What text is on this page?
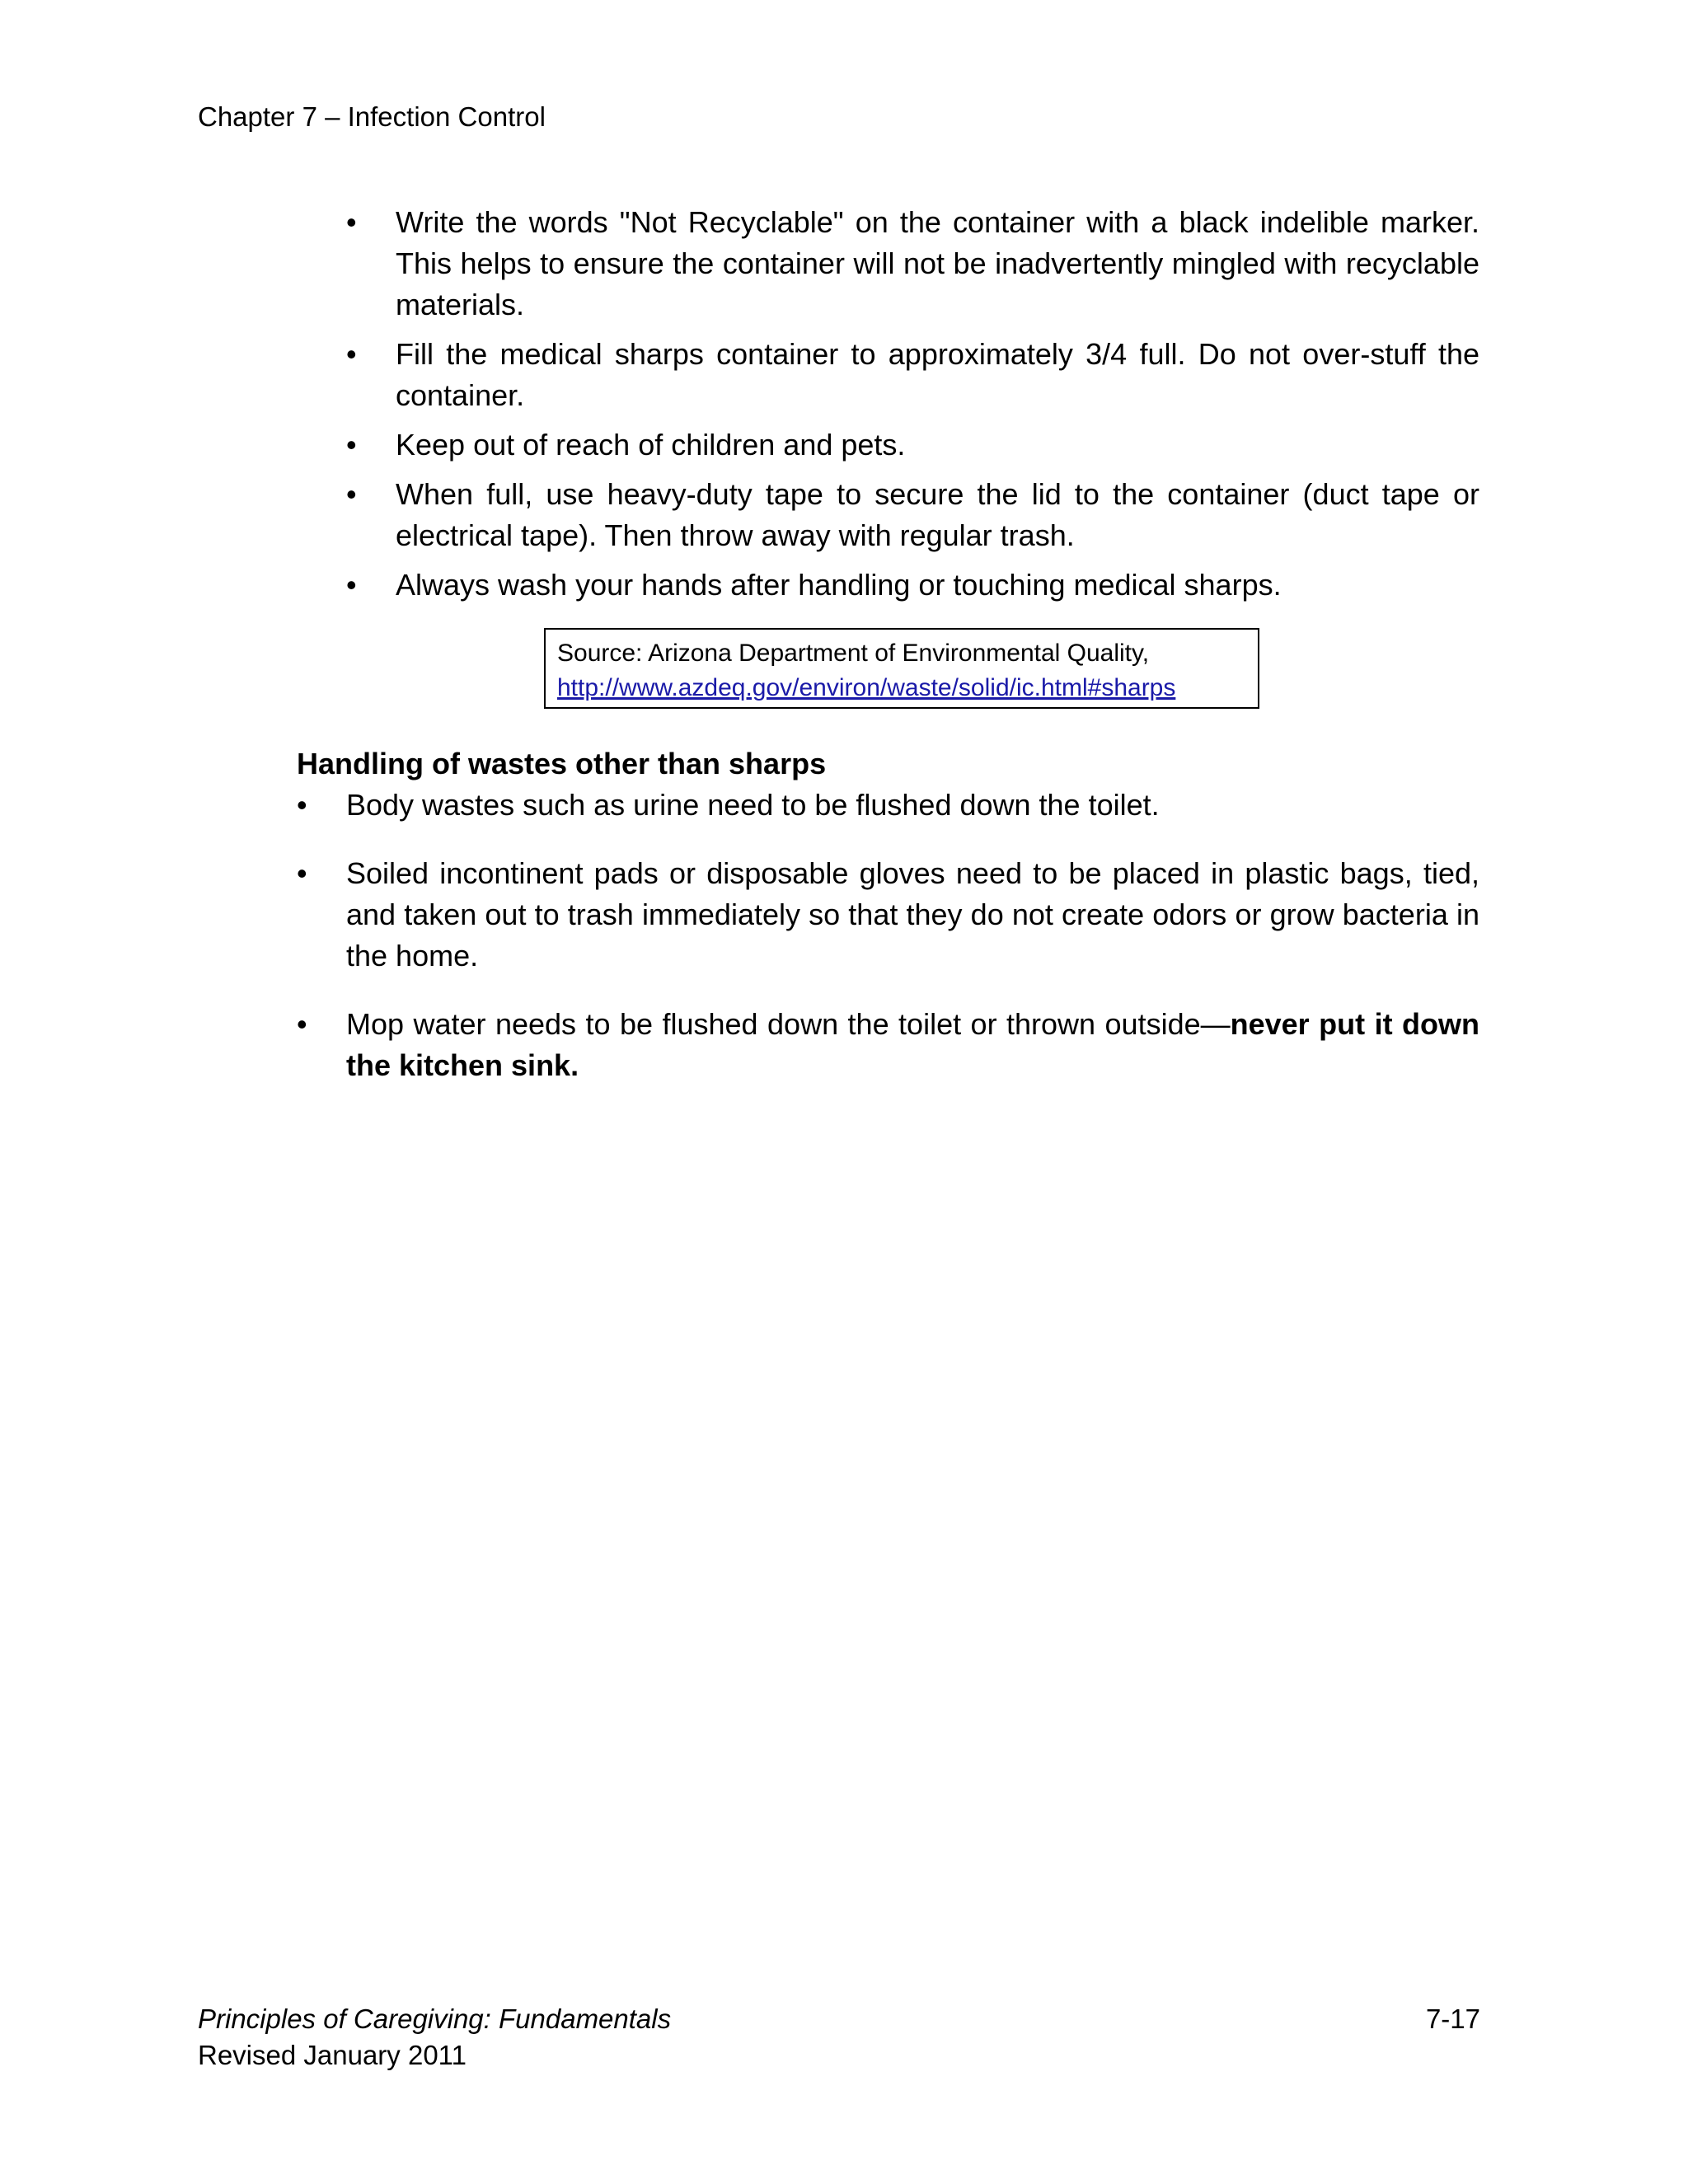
Chapter 7 – Infection Control
•	Write the words "Not Recyclable" on the container with a black indelible marker. This helps to ensure the container will not be inadvertently mingled with recyclable materials.
•	Fill the medical sharps container to approximately 3/4 full. Do not over-stuff the container.
•	Keep out of reach of children and pets.
•	When full, use heavy-duty tape to secure the lid to the container (duct tape or electrical tape). Then throw away with regular trash.
•	Always wash your hands after handling or touching medical sharps.
Source: Arizona Department of Environmental Quality,
http://www.azdeq.gov/environ/waste/solid/ic.html#sharps
Handling of wastes other than sharps
•	Body wastes such as urine need to be flushed down the toilet.
•	Soiled incontinent pads or disposable gloves need to be placed in plastic bags, tied, and taken out to trash immediately so that they do not create odors or grow bacteria in the home.
•	Mop water needs to be flushed down the toilet or thrown outside—never put it down the kitchen sink.
Principles of Caregiving: Fundamentals
Revised January 2011
7-17
